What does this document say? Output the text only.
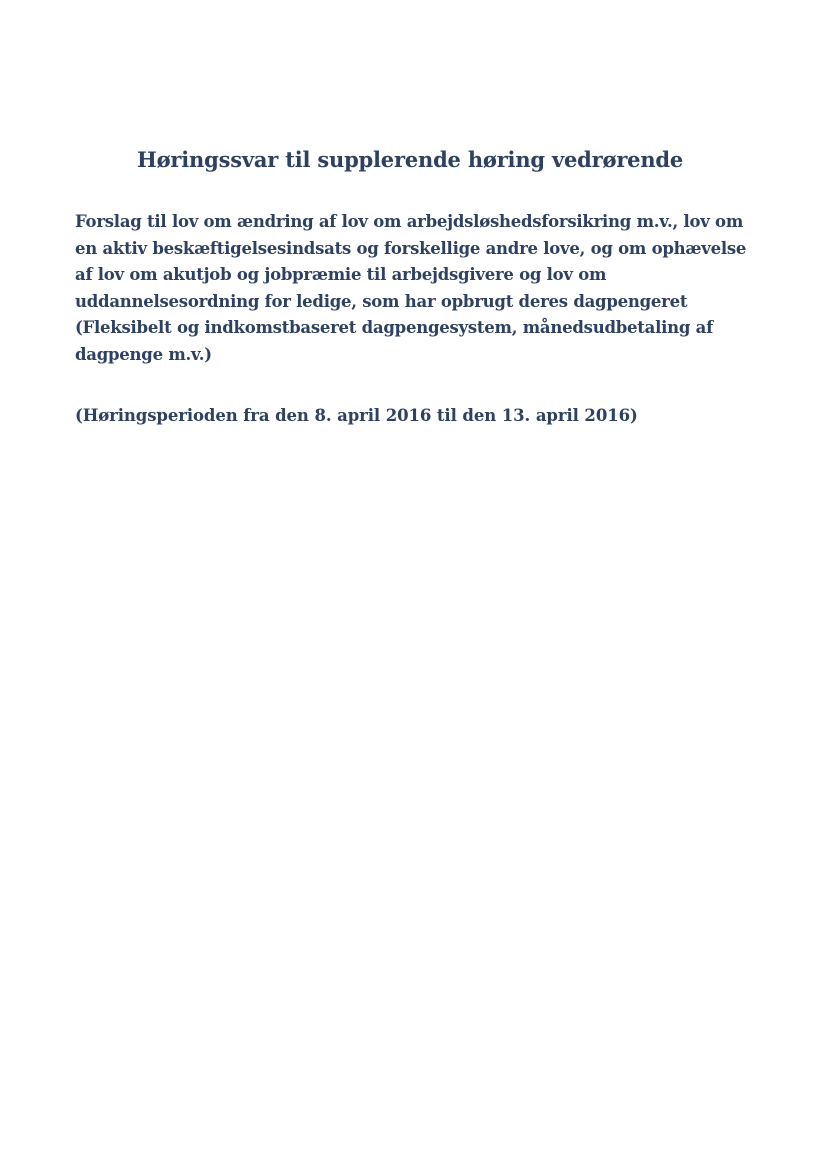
Høringssvar til supplerende høring vedrørende

Forslag til lov om ændring af lov om arbejdsløshedsforsikring m.v., lov om
en aktiv beskæftigelsesindsats og forskellige andre love, og om ophævelse
af lov om akutjob og jobpræmie til arbejdsgivere og lov om
uddannelsesordning for ledige, som har opbrugt deres dagpengeret
(Fleksibelt og indkomstbaseret dagpengesystem, månedsudbetaling af
dagpenge m.v.)

(Høringsperioden fra den 8. april 2016 til den 13. april 2016)
